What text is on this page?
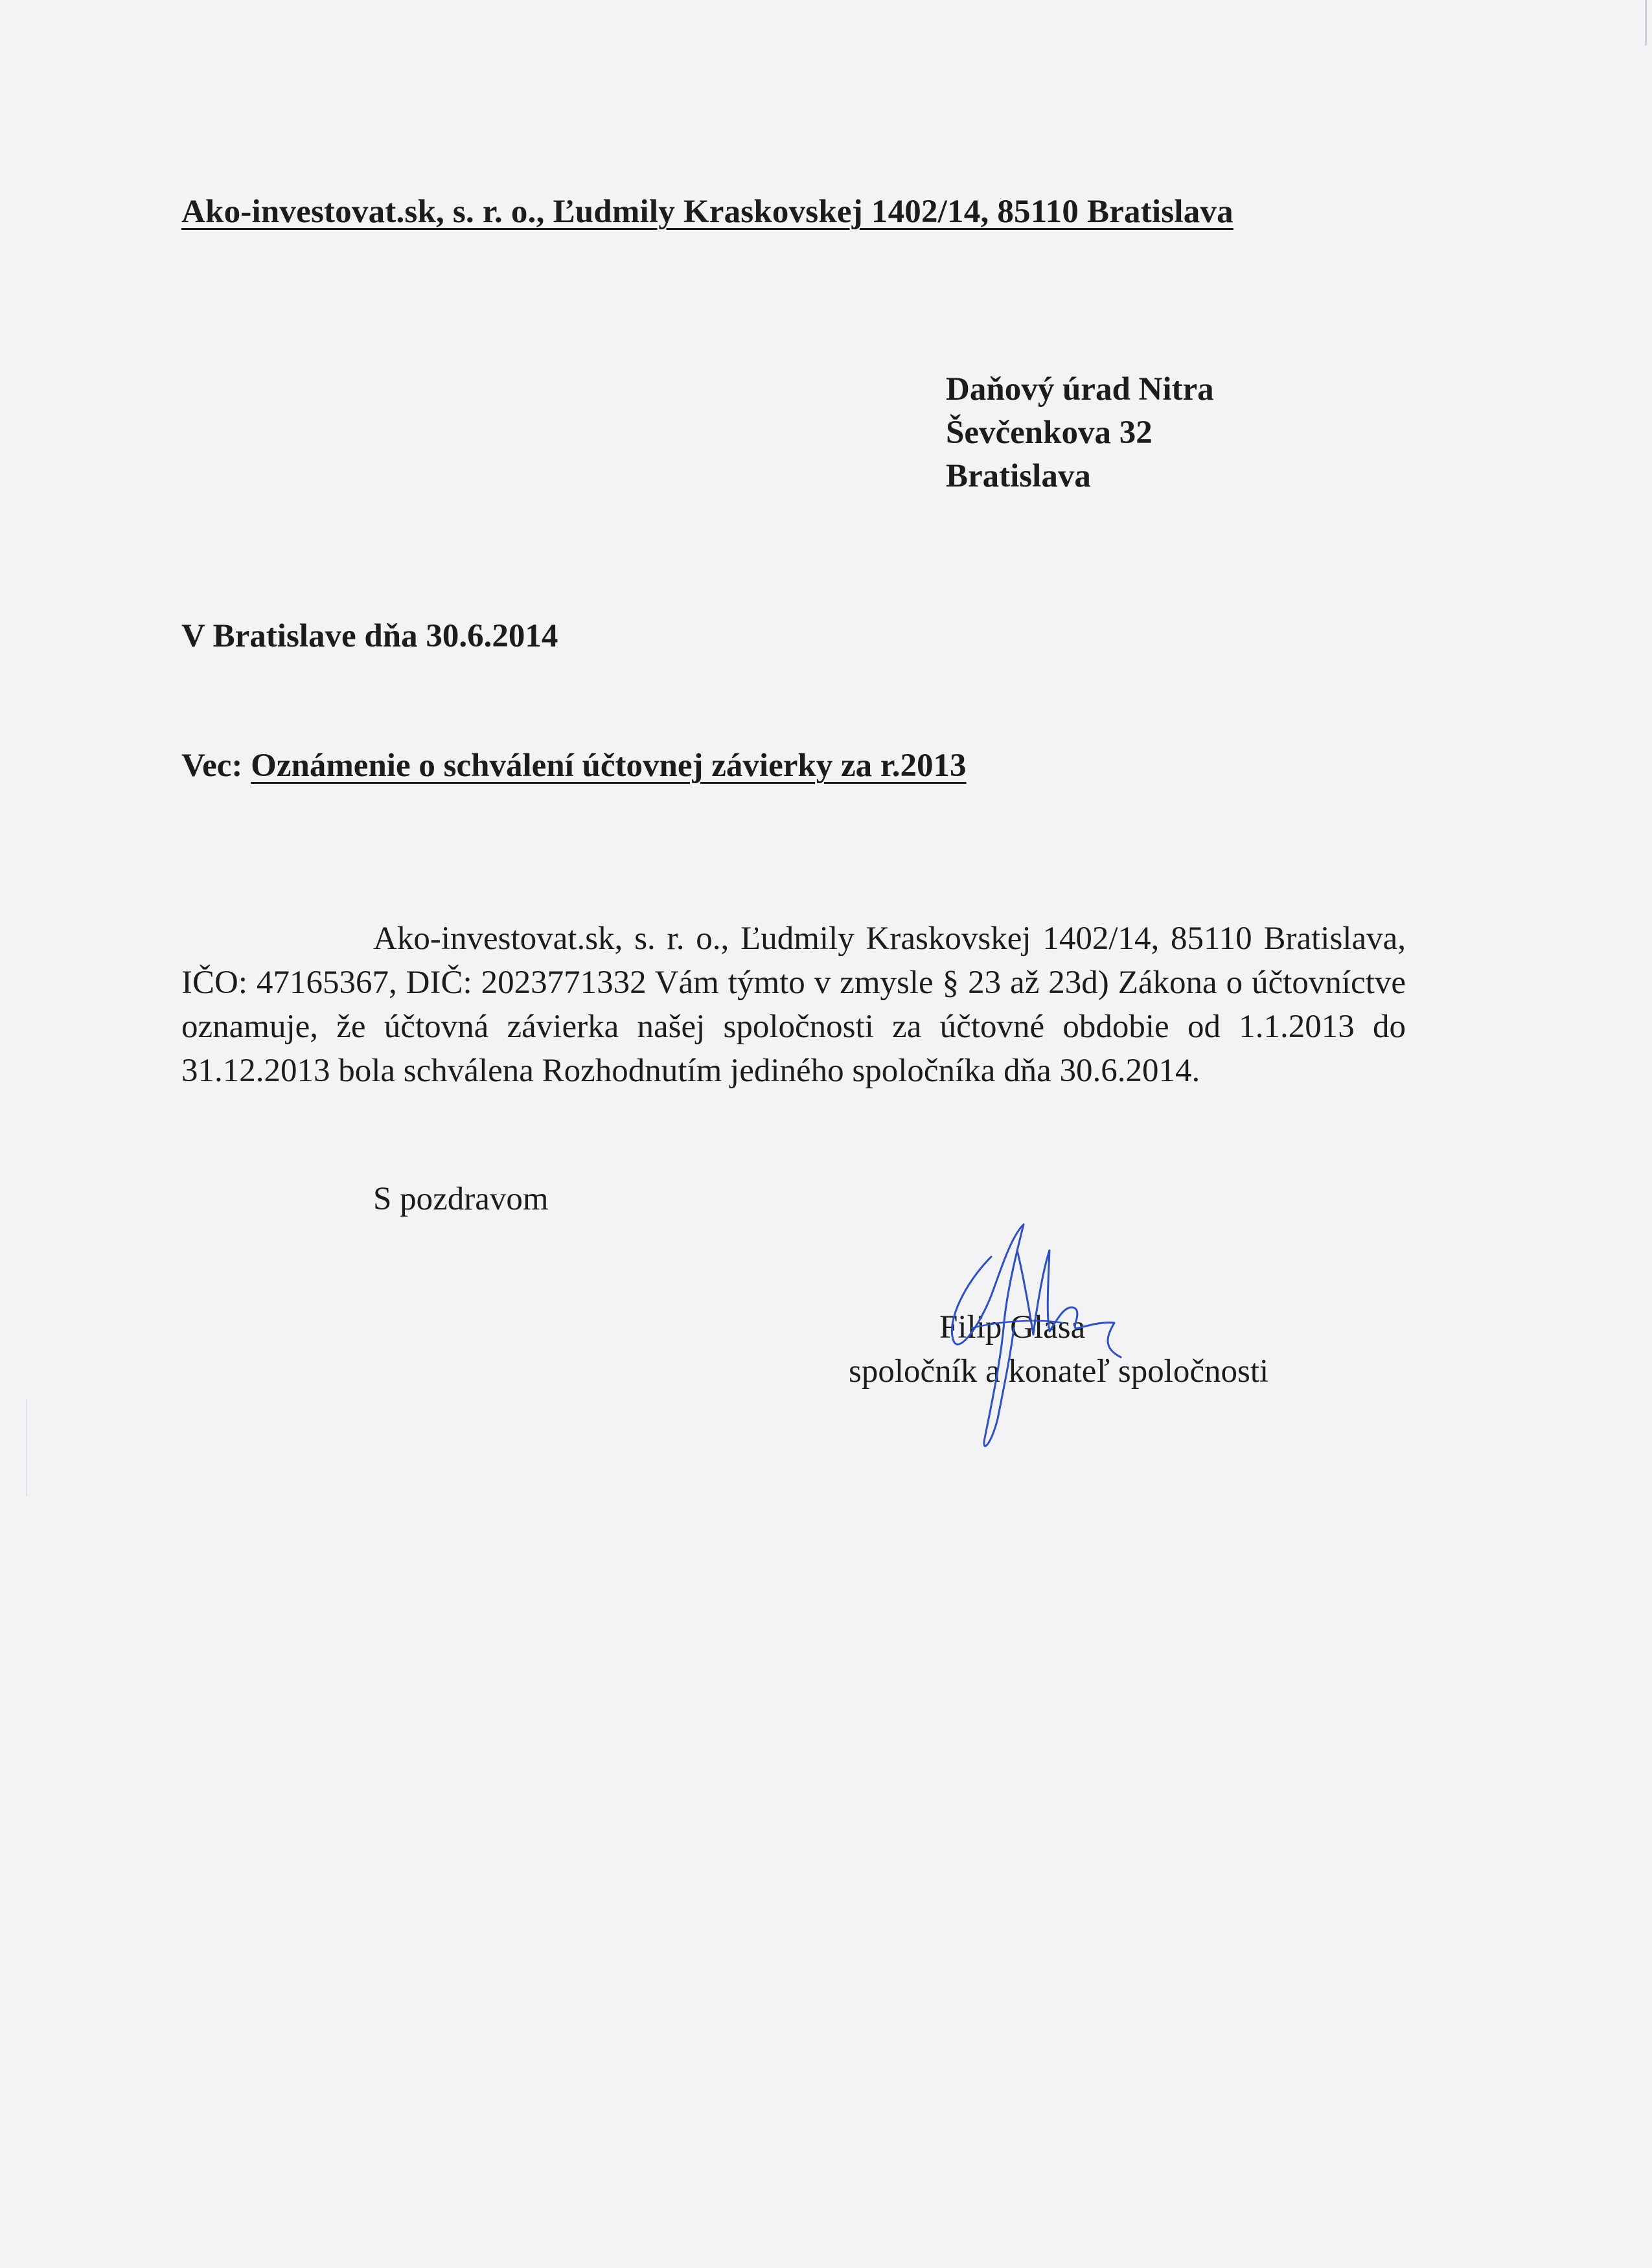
Ako-investovat.sk, s. r. o., Ľudmily Kraskovskej 1402/14, 85110 Bratislava
Daňový úrad Nitra
Ševčenkova 32
Bratislava
V Bratislave dňa 30.6.2014
Vec: Oznámenie o schválení účtovnej závierky za r.2013
Ako-investovat.sk, s. r. o., Ľudmily Kraskovskej 1402/14, 85110 Bratislava, IČO: 47165367, DIČ: 2023771332 Vám týmto v zmysle § 23 až 23d) Zákona o účtovníctve oznamuje, že účtovná závierka našej spoločnosti za účtovné obdobie od 1.1.2013 do 31.12.2013 bola schválena Rozhodnutím jediného spoločníka dňa 30.6.2014.
S pozdravom
Filip Glasa
spoločník a konateľ spoločnosti
